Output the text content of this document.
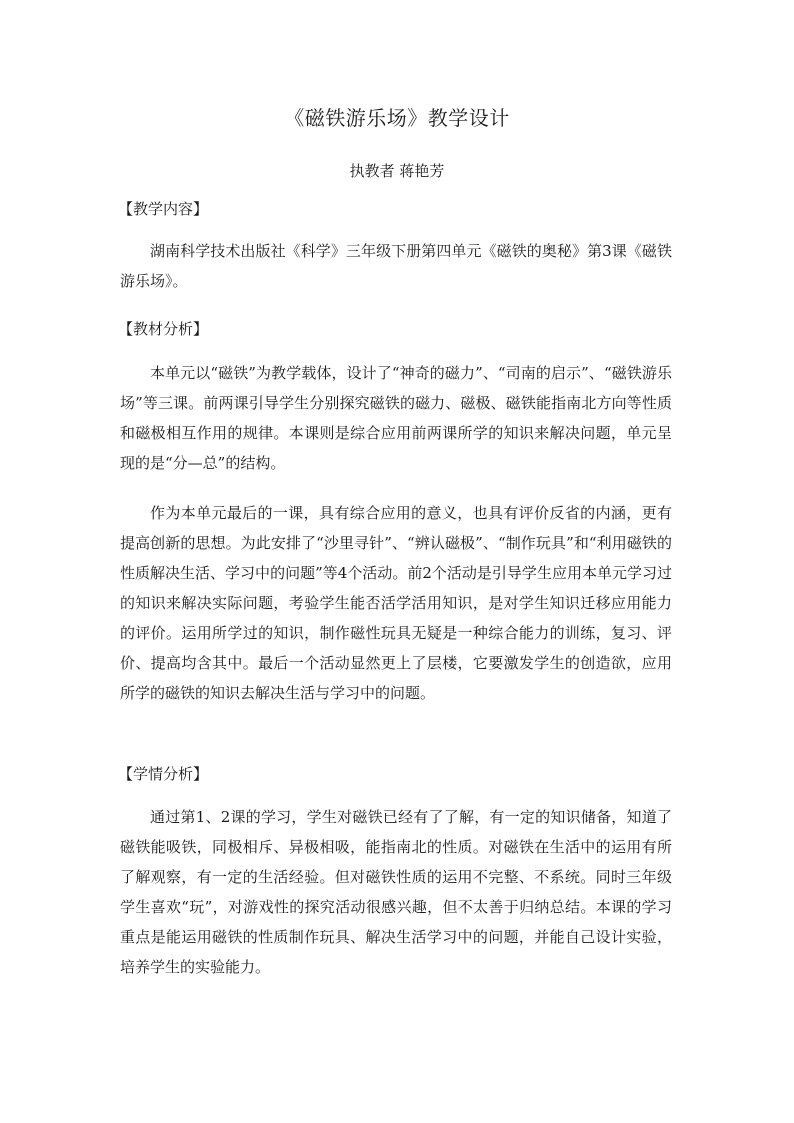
《磁铁游乐场》教学设计
执教者 蒋艳芳
【教学内容】

湖南科学技术出版社《科学》三年级下册第四单元《磁铁的奥秘》第3课《磁铁游乐场》。

【教材分析】

本单元以“磁铁”为教学载体，设计了“神奇的磁力”、“司南的启示”、“磁铁游乐场”等三课。前两课引导学生分别探究磁铁的磁力、磁极、磁铁能指南北方向等性质和磁极相互作用的规律。本课则是综合应用前两课所学的知识来解决问题，单元呈现的是“分—总”的结构。

作为本单元最后的一课，具有综合应用的意义，也具有评价反省的内涵，更有提高创新的思想。为此安排了“沙里寻针”、“辨认磁极”、“制作玩具”和“利用磁铁的性质解决生活、学习中的问题”等4个活动。前2个活动是引导学生应用本单元学习过的知识来解决实际问题，考验学生能否活学活用知识，是对学生知识迁移应用能力的评价。运用所学过的知识，制作磁性玩具无疑是一种综合能力的训练，复习、评价、提高均含其中。最后一个活动显然更上了层楼，它要激发学生的创造欲，应用所学的磁铁的知识去解决生活与学习中的问题。

【学情分析】

通过第1、2课的学习，学生对磁铁已经有了了解，有一定的知识储备，知道了磁铁能吸铁，同极相斥、异极相吸，能指南北的性质。对磁铁在生活中的运用有所了解观察，有一定的生活经验。但对磁铁性质的运用不完整、不系统。同时三年级学生喜欢“玩”，对游戏性的探究活动很感兴趣，但不太善于归纳总结。本课的学习重点是能运用磁铁的性质制作玩具、解决生活学习中的问题，并能自己设计实验，培养学生的实验能力。
